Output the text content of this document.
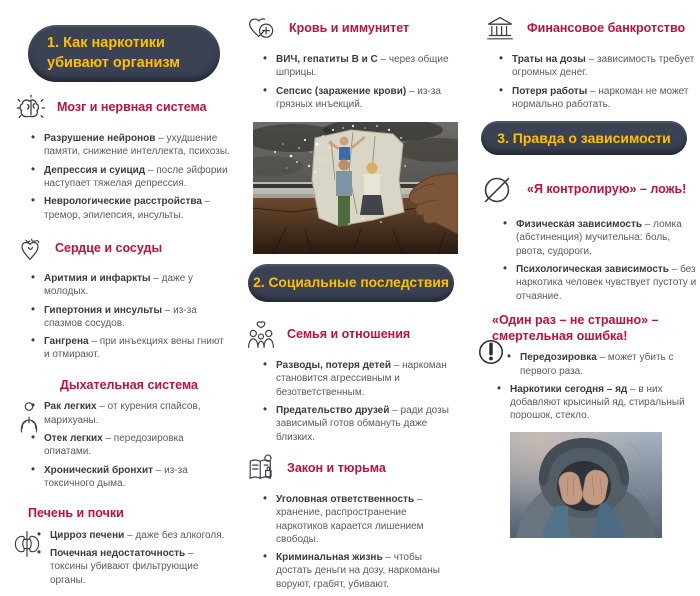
1. Как наркотики убивают организм
Мозг и нервная система
• Разрушение нейронов – ухудшение памяти, снижение интеллекта, психозы.
• Депрессия и суицид – после эйфории наступает тяжелая депрессия.
• Неврологические расстройства – тремор, эпилепсия, инсульты.
Сердце и сосуды
• Аритмия и инфаркты – даже у молодых.
• Гипертония и инсульты – из-за спазмов сосудов.
• Гангрена – при инъекциях вены гниют и отмирают.
Дыхательная система
• Рак легких – от курения спайсов, марихуаны.
• Отек легких – передозировка опиатами.
• Хронический бронхит – из-за токсичного дыма.
Печень и почки
• Цирроз печени – даже без алкоголя.
• Почечная недостаточность – токсины убивают фильтрующие органы.
Кровь и иммунитет
• ВИЧ, гепатиты B и C – через общие шприцы.
• Сепсис (заражение крови) – из-за грязных инъекций.
2. Социальные последствия
Семья и отношения
• Разводы, потеря детей – наркоман становится агрессивным и безответственным.
• Предательство друзей – ради дозы зависимый готов обмануть даже близких.
Закон и тюрьма
• Уголовная ответственность – хранение, распространение наркотиков карается лишением свободы.
• Криминальная жизнь – чтобы достать деньги на дозу, наркоманы воруют, грабят, убивают.
Финансовое банкротство
• Траты на дозы – зависимость требует огромных денег.
• Потеря работы – наркоман не может нормально работать.
3. Правда о зависимости
«Я контролирую» – ложь!
• Физическая зависимость – ломка (абстиненция) мучительна: боль, рвота, судороги.
• Психологическая зависимость – без наркотика человек чувствует пустоту и отчаяние.
«Один раз – не страшно» – смертельная ошибка!
• Передозировка – может убить с первого раза.
• Наркотики сегодня – яд – в них добавляют крысиный яд, стиральный порошок, стекло.
